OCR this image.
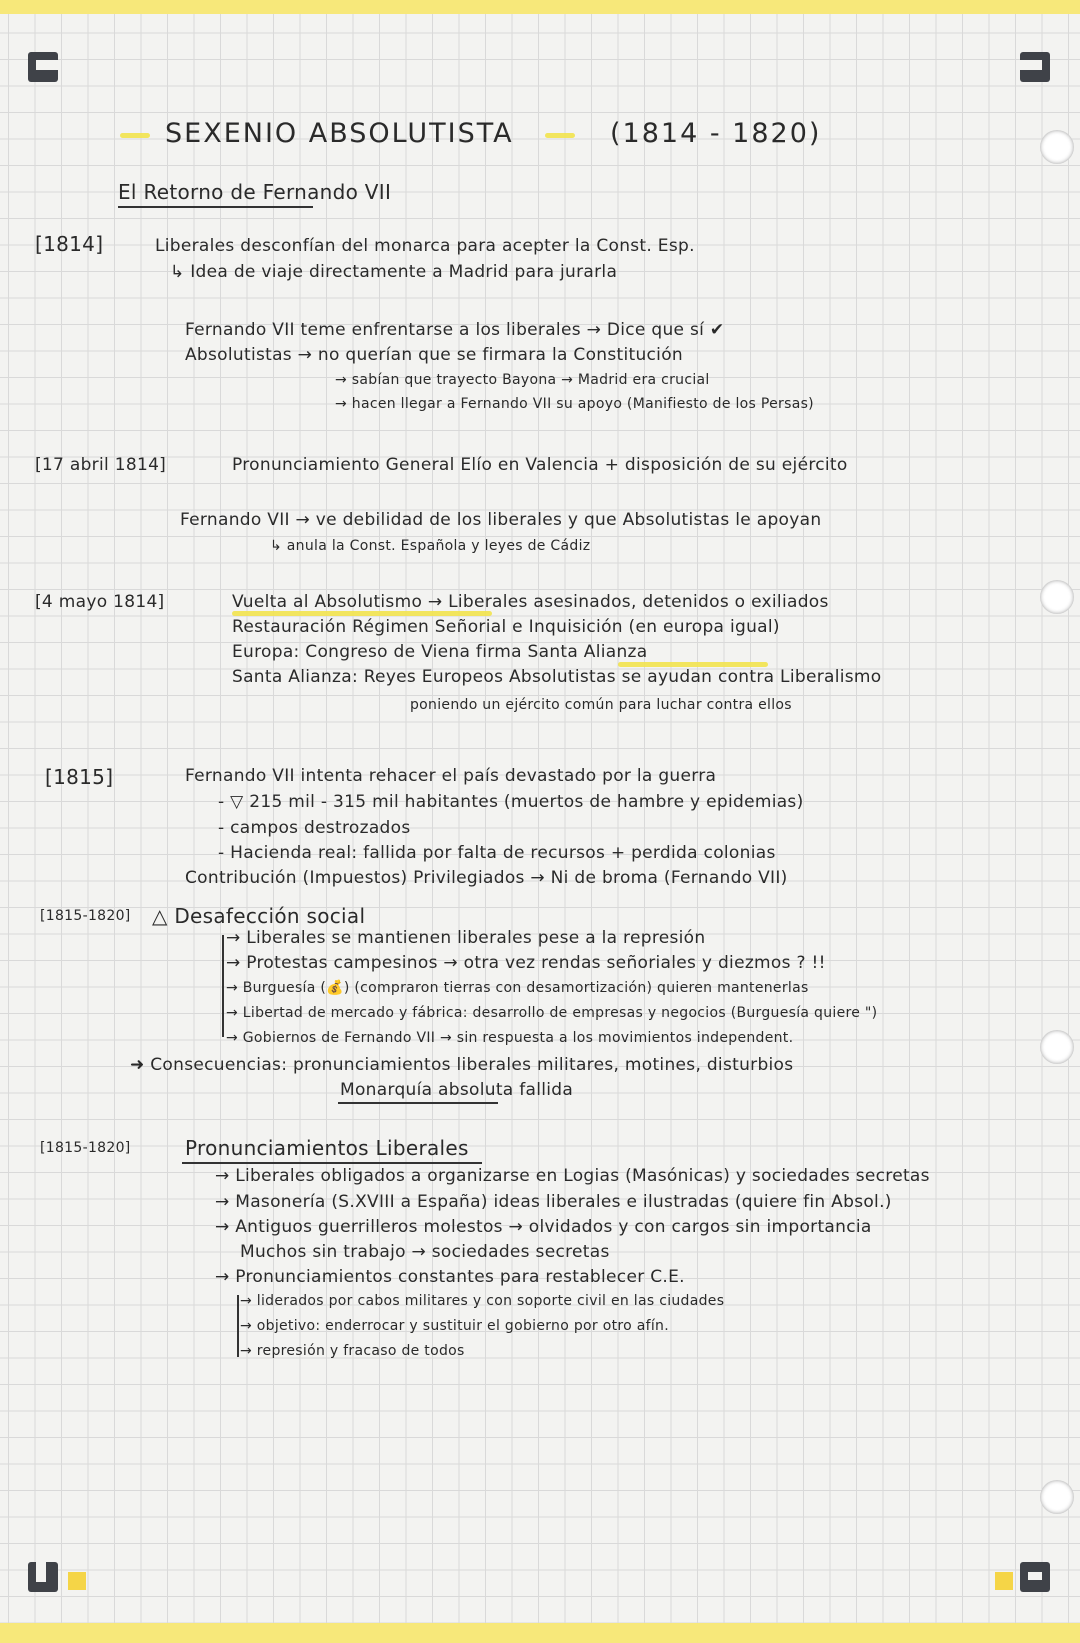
SEXENIO ABSOLUTISTA	(1814 - 1820)
El Retorno de Fernando VII
[1814]	Liberales desconfían del monarca para acepter la Const. Esp.
↳ Idea de viaje directamente a Madrid para jurarla
Fernando VII teme enfrentarse a los liberales → Dice que sí ✔
Absolutistas → no querían que se firmara la Constitución
→ sabían que trayecto Bayona → Madrid era crucial
→ hacen llegar a Fernando VII su apoyo (Manifiesto de los Persas)
[17 abril 1814]	Pronunciamiento General Elío en Valencia + disposición de su ejército
Fernando VII → ve debilidad de los liberales y que Absolutistas le apoyan
↳ anula la Const. Española y leyes de Cádiz
[4 mayo 1814]	Vuelta al Absolutismo → Liberales asesinados, detenidos o exiliados
Restauración Régimen Señorial e Inquisición (en europa igual)
Europa: Congreso de Viena firma Santa Alianza
Santa Alianza: Reyes Europeos Absolutistas se ayudan contra Liberalismo
poniendo un ejército común para luchar contra ellos
[1815]	Fernando VII intenta rehacer el país devastado por la guerra
- ▽ 215 mil - 315 mil habitantes (muertos de hambre y epidemias)
- campos destrozados
- Hacienda real: fallida por falta de recursos + perdida colonias
Contribución (Impuestos) Privilegiados → Ni de broma (Fernando VII)
[1815-1820] △ Desafección social
→ Liberales se mantienen liberales pese a la represión
→ Protestas campesinos → otra vez rendas señoriales y diezmos ? !!
→ Burguesía (💰) (compraron tierras con desamortización) quieren mantenerlas
→ Libertad de mercado y fábrica: desarrollo de empresas y negocios (Burguesía quiere ")
→ Gobiernos de Fernando VII → sin respuesta a los movimientos independent.
➜ Consecuencias: pronunciamientos liberales militares, motines, disturbios
Monarquía absoluta fallida
[1815-1820]	Pronunciamientos Liberales
→ Liberales obligados a organizarse en Logias (Masónicas) y sociedades secretas
→ Masonería (S.XVIII a España) ideas liberales e ilustradas (quiere fin Absol.)
→ Antiguos guerrilleros molestos → olvidados y con cargos sin importancia
Muchos sin trabajo → sociedades secretas
→ Pronunciamientos constantes para restablecer C.E.
→ liderados por cabos militares y con soporte civil en las ciudades
→ objetivo: enderrocar y sustituir el gobierno por otro afín.
→ represión y fracaso de todos
